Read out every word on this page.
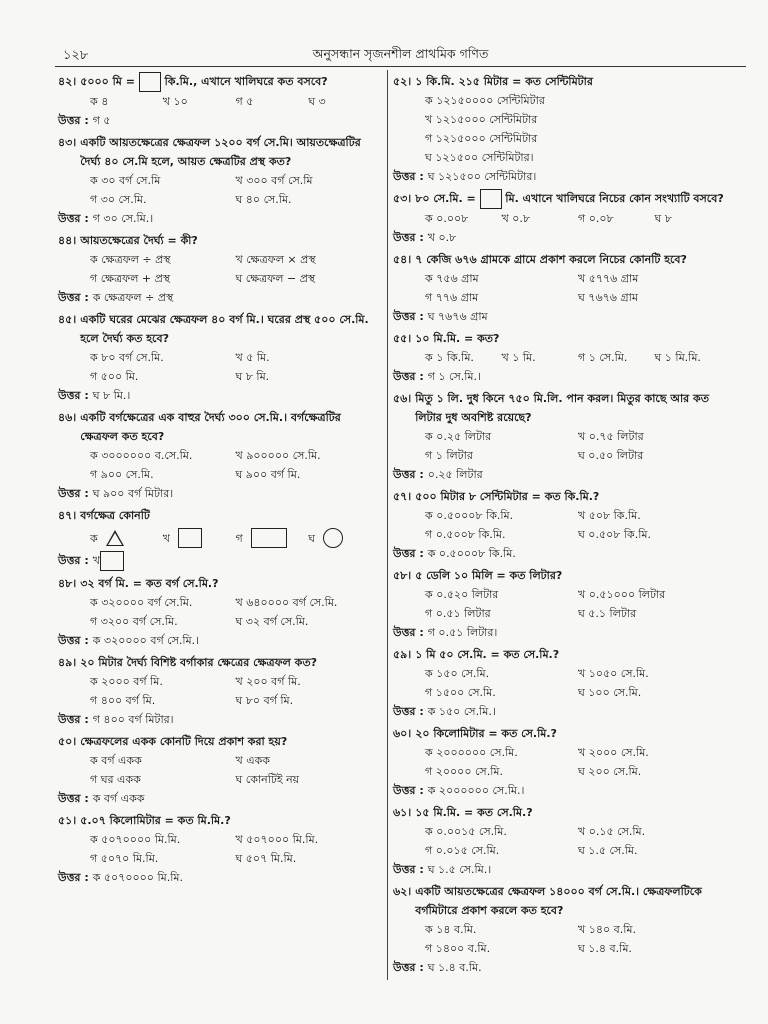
১২৮	অনুসন্ধান সৃজনশীল প্রাথমিক গণিত
৪২। ৫০০০ মি =  কি.মি., এখানে খালিঘরে কত বসবে?
ক ৪	খ ১০	গ ৫	ঘ ৩
উত্তর : গ ৫
৪৩। একটি আয়তক্ষেত্রের ক্ষেত্রফল ১২০০ বর্গ সে.মি। আয়তক্ষেত্রটির দৈর্ঘ্য ৪০ সে.মি হলে, আয়ত ক্ষেত্রটির প্রস্থ কত?
ক ৩০ বর্গ সে.মি	খ ৩০০ বর্গ সে.মি
গ ৩০ সে.মি.	ঘ ৪০ সে.মি.
উত্তর : গ ৩০ সে.মি.।
৪৪। আয়তক্ষেত্রের দৈর্ঘ্য = কী?
ক ক্ষেত্রফল ÷ প্রস্থ	খ ক্ষেত্রফল × প্রস্থ
গ ক্ষেত্রফল + প্রস্থ	ঘ ক্ষেত্রফল − প্রস্থ
উত্তর : ক ক্ষেত্রফল ÷ প্রস্থ
৪৫। একটি ঘরের মেঝের ক্ষেত্রফল ৪০ বর্গ মি.। ঘরের প্রস্থ ৫০০ সে.মি. হলে দৈর্ঘ্য কত হবে?
ক ৮০ বর্গ সে.মি.	খ ৫ মি.
গ ৫০০ মি.	ঘ ৮ মি.
উত্তর : ঘ ৮ মি.।
৪৬। একটি বর্গক্ষেত্রের এক বাহুর দৈর্ঘ্য ৩০০ সে.মি.। বর্গক্ষেত্রটির ক্ষেত্রফল কত হবে?
ক ৩০০০০০০ ব.সে.মি.	খ ৯০০০০০ সে.মি.
গ ৯০০ সে.মি.	ঘ ৯০০ বর্গ মি.
উত্তর : ঘ ৯০০ বর্গ মিটার।
৪৭। বর্গক্ষেত্র কোনটি
ক	খ	গ	ঘ
উত্তর : খ
৪৮। ৩২ বর্গ মি. = কত বর্গ সে.মি.?
ক ৩২০০০০ বর্গ সে.মি.	খ ৬৪০০০০ বর্গ সে.মি.
গ ৩২০০ বর্গ সে.মি.	ঘ ৩২ বর্গ সে.মি.
উত্তর : ক ৩২০০০০ বর্গ সে.মি.।
৪৯। ২০ মিটার দৈর্ঘ্য বিশিষ্ট বর্গাকার ক্ষেত্রের ক্ষেত্রফল কত?
ক ২০০০ বর্গ মি.	খ ২০০ বর্গ মি.
গ ৪০০ বর্গ মি.	ঘ ৮০ বর্গ মি.
উত্তর : গ ৪০০ বর্গ মিটার।
৫০। ক্ষেত্রফলের একক কোনটি দিয়ে প্রকাশ করা হয়?
ক বর্গ একক	খ একক
গ ঘর একক	ঘ কোনটিই নয়
উত্তর : ক বর্গ একক
৫১। ৫.০৭ কিলোমিটার = কত মি.মি.?
ক ৫০৭০০০০ মি.মি.	খ ৫০৭০০০ মি.মি.
গ ৫০৭০ মি.মি.	ঘ ৫০৭ মি.মি.
উত্তর : ক ৫০৭০০০০ মি.মি.
৫২। ১ কি.মি. ২১৫ মিটার = কত সেন্টিমিটার
ক ১২১৫০০০০ সেন্টিমিটার
খ ১২১৫০০০ সেন্টিমিটার
গ ১২১৫০০০ সেন্টিমিটার
ঘ ১২১৫০০ সেন্টিমিটার।
উত্তর : ঘ ১২১৫০০ সেন্টিমিটার।
৫৩। ৮০ সে.মি. =  মি. এখানে খালিঘরে নিচের কোন সংখ্যাটি বসবে?
ক ০.০০৮	খ ০.৮	গ ০.০৮	ঘ ৮
উত্তর : খ ০.৮
৫৪। ৭ কেজি ৬৭৬ গ্রামকে গ্রামে প্রকাশ করলে নিচের কোনটি হবে?
ক ৭৫৬ গ্রাম	খ ৫৭৭৬ গ্রাম
গ ৭৭৬ গ্রাম	ঘ ৭৬৭৬ গ্রাম
উত্তর : ঘ ৭৬৭৬ গ্রাম
৫৫। ১০ মি.মি. = কত?
ক ১ কি.মি.	খ ১ মি.	গ ১ সে.মি.	ঘ ১ মি.মি.
উত্তর : গ ১ সে.মি.।
৫৬। মিতু ১ লি. দুধ কিনে ৭৫০ মি.লি. পান করল। মিতুর কাছে আর কত লিটার দুধ অবশিষ্ট রয়েছে?
ক ০.২৫ লিটার	খ ০.৭৫ লিটার
গ ১ লিটার	ঘ ০.৫০ লিটার
উত্তর : ০.২৫ লিটার
৫৭। ৫০০ মিটার ৮ সেন্টিমিটার = কত কি.মি.?
ক ০.৫০০০৮ কি.মি.	খ ৫০৮ কি.মি.
গ ০.৫০০৮ কি.মি.	ঘ ০.৫০৮ কি.মি.
উত্তর : ক ০.৫০০০৮ কি.মি.
৫৮। ৫ ডেলি ১০ মিলি = কত লিটার?
ক ০.৫২০ লিটার	খ ০.৫১০০০ লিটার
গ ০.৫১ লিটার	ঘ ৫.১ লিটার
উত্তর : গ ০.৫১ লিটার।
৫৯। ১ মি ৫০ সে.মি. = কত সে.মি.?
ক ১৫০ সে.মি.	খ ১০৫০ সে.মি.
গ ১৫০০ সে.মি.	ঘ ১০০ সে.মি.
উত্তর : ক ১৫০ সে.মি.।
৬০। ২০ কিলোমিটার = কত সে.মি.?
ক ২০০০০০০ সে.মি.	খ ২০০০ সে.মি.
গ ২০০০০ সে.মি.	ঘ ২০০ সে.মি.
উত্তর : ক ২০০০০০০ সে.মি.।
৬১। ১৫ মি.মি. = কত সে.মি.?
ক ০.০০১৫ সে.মি.	খ ০.১৫ সে.মি.
গ ০.০১৫ সে.মি.	ঘ ১.৫ সে.মি.
উত্তর : ঘ ১.৫ সে.মি.।
৬২। একটি আয়তক্ষেত্রের ক্ষেত্রফল ১৪০০০ বর্গ সে.মি.। ক্ষেত্রফলটিকে বর্গমিটারে প্রকাশ করলে কত হবে?
ক ১৪ ব.মি.	খ ১৪০ ব.মি.
গ ১৪০০ ব.মি.	ঘ ১.৪ ব.মি.
উত্তর : ঘ ১.৪ ব.মি.
